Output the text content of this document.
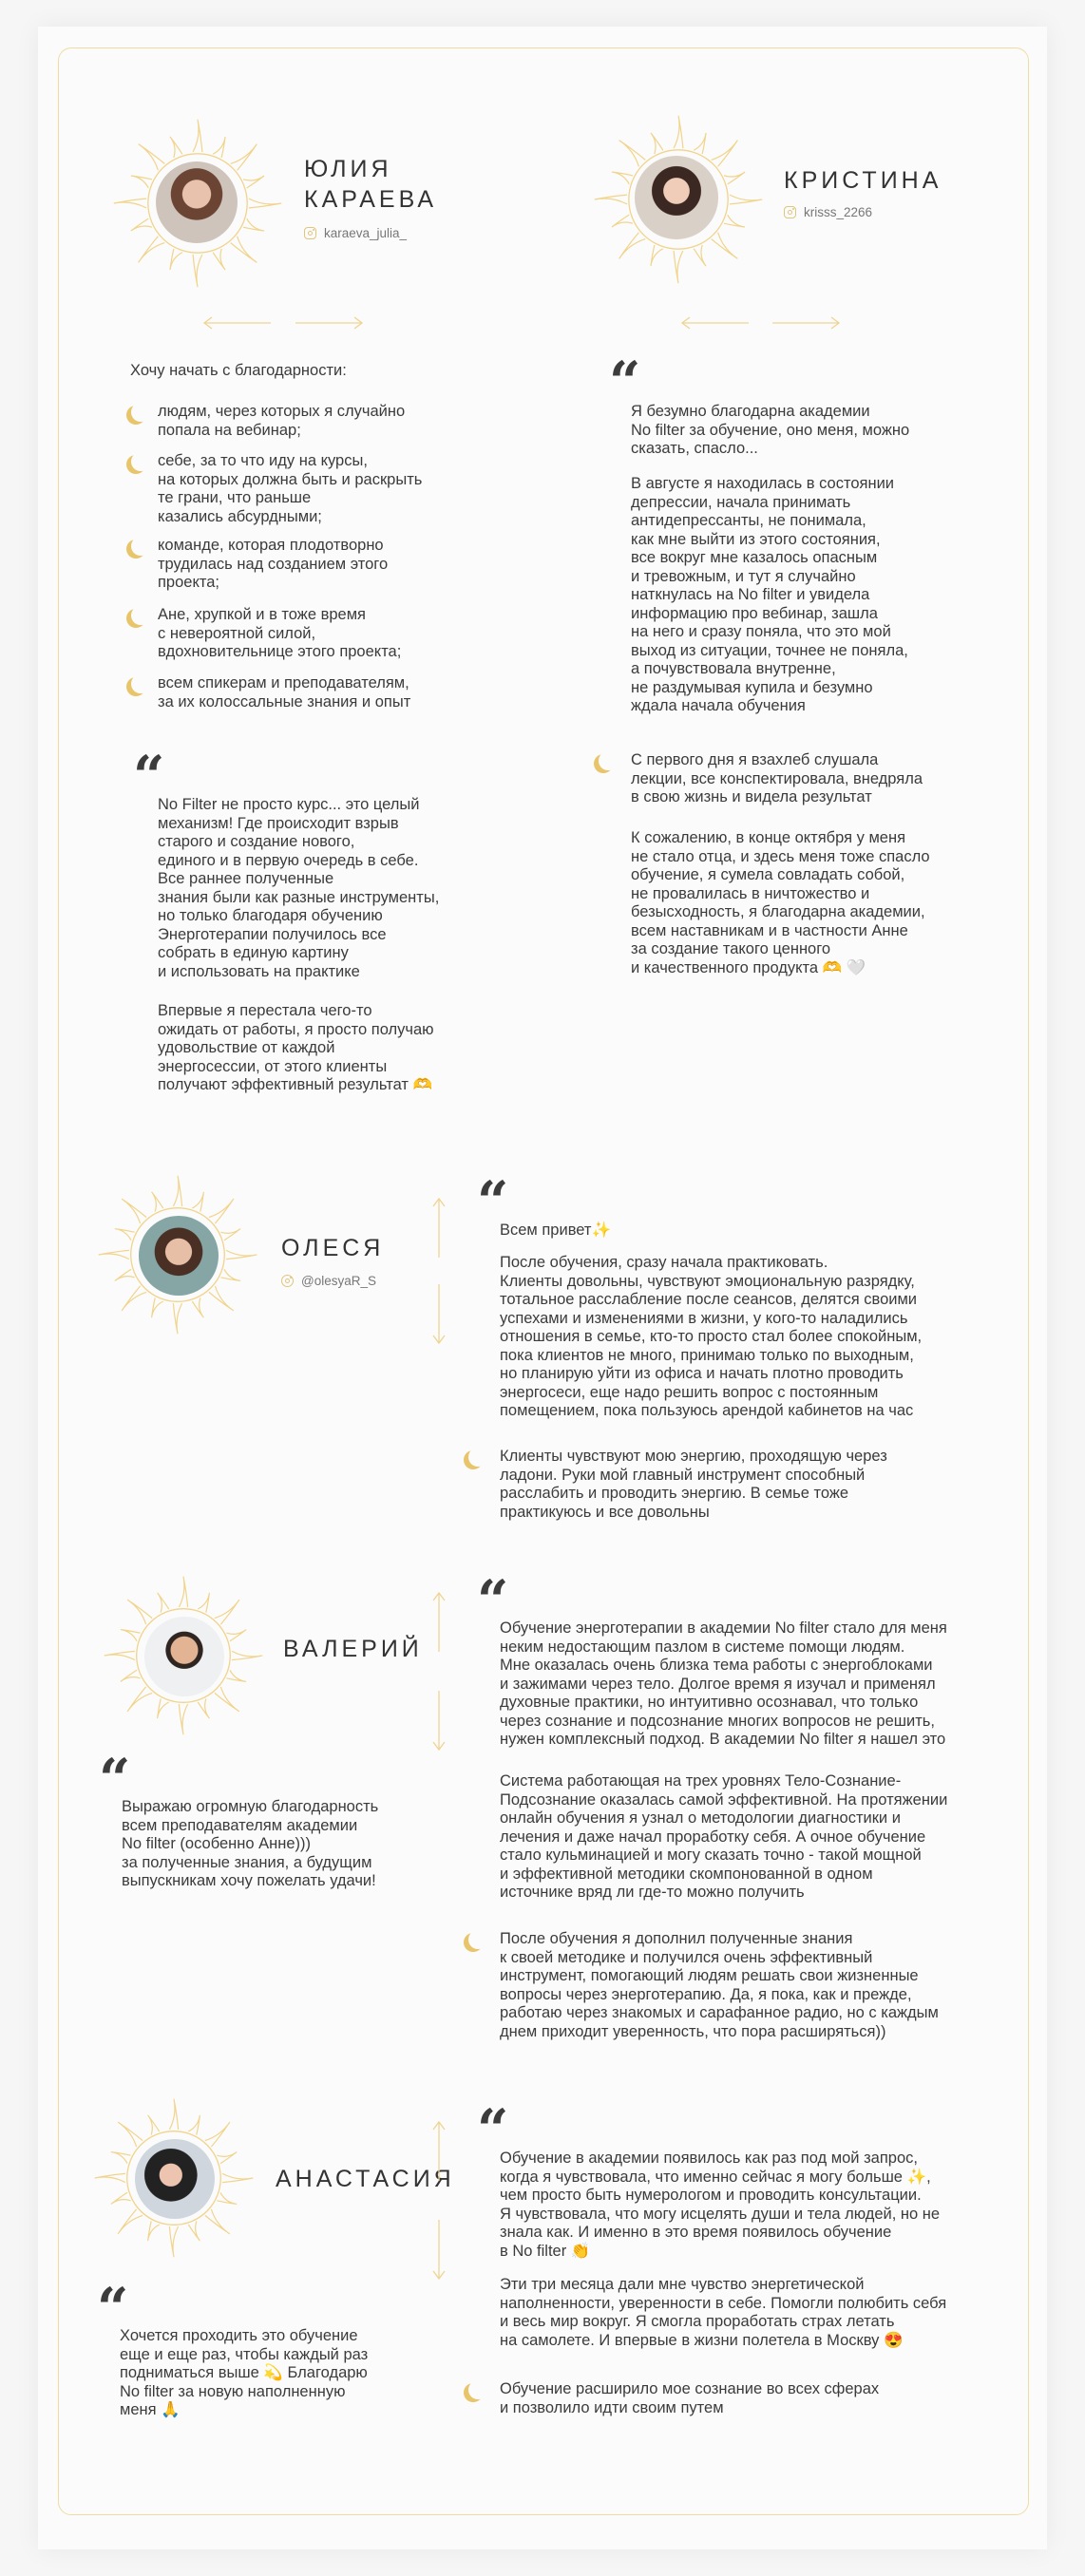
ЮЛИЯ
КАРАЕВА
karaeva_julia_
Хочу начать с благодарности:
людям, через которых я случайно
попала на вебинар;
себе, за то что иду на курсы,
на которых должна быть и раскрыть
те грани, что раньше
казались абсурдными;
команде, которая плодотворно
трудилась над созданием этого
проекта;
Ане, хрупкой и в тоже время
с невероятной силой,
вдохновительнице этого проекта;
всем спикерам и преподавателям,
за их колоссальные знания и опыт
“
No Filter не просто курс... это целый
механизм! Где происходит взрыв
старого и создание нового,
единого и в первую очередь в себе.
Все раннее полученные
знания были как разные инструменты,
но только благодаря обучению
Энерготерапии получилось все
собрать в единую картину
и использовать на практике
Впервые я перестала чего-то
ожидать от работы, я просто получаю
удовольствие от каждой
энергосессии, от этого клиенты
получают эффективный результат 🫶
КРИСТИНА
krisss_2266
“
Я безумно благодарна академии
No filter за обучение, оно меня, можно
сказать, спасло...
В августе я находилась в состоянии
депрессии, начала принимать
антидепрессанты, не понимала,
как мне выйти из этого состояния,
все вокруг мне казалось опасным
и тревожным, и тут я случайно
наткнулась на No filter и увидела
информацию про вебинар, зашла
на него и сразу поняла, что это мой
выход из ситуации, точнее не поняла,
а почувствовала внутренне,
не раздумывая купила и безумно
ждала начала обучения
С первого дня я взахлеб слушала
лекции, все конспектировала, внедряла
в свою жизнь и видела результат
К сожалению, в конце октября у меня
не стало отца, и здесь меня тоже спасло
обучение, я сумела совладать собой,
не провалилась в ничтожество и
безысходность, я благодарна академии,
всем наставникам и в частности Анне
за создание такого ценного
и качественного продукта 🫶 🤍
ОЛЕСЯ
@olesyaR_S
“
Всем привет✨
После обучения, сразу начала практиковать.
Клиенты довольны, чувствуют эмоциональную разрядку,
тотальное расслабление после сеансов, делятся своими
успехами и изменениями в жизни, у кого-то наладились
отношения в семье, кто-то просто стал более спокойным,
пока клиентов не много, принимаю только по выходным,
но планирую уйти из офиса и начать плотно проводить
энергосеси, еще надо решить вопрос с постоянным
помещением, пока пользуюсь арендой кабинетов на час
Клиенты чувствуют мою энергию, проходящую через
ладони. Руки мой главный инструмент способный
расслабить и проводить энергию. В семье тоже
практикуюсь и все довольны
ВАЛЕРИЙ
“
Обучение энерготерапии в академии No filter стало для меня
неким недостающим пазлом в системе помощи людям.
Мне оказалась очень близка тема работы с энергоблоками
и зажимами через тело. Долгое время я изучал и применял
духовные практики, но интуитивно осознавал, что только
через сознание и подсознание многих вопросов не решить,
нужен комплексный подход. В академии No filter я нашел это
Система работающая на трех уровнях Тело-Сознание-
Подсознание оказалась самой эффективной. На протяжении
онлайн обучения я узнал о методологии диагностики и
лечения и даже начал проработку себя. А очное обучение
стало кульминацией и могу сказать точно - такой мощной
и эффективной методики скомпонованной в одном
источнике вряд ли где-то можно получить
После обучения я дополнил полученные знания
к своей методике и получился очень эффективный
инструмент, помогающий людям решать свои жизненные
вопросы через энерготерапию. Да, я пока, как и прежде,
работаю через знакомых и сарафанное радио, но с каждым
днем приходит уверенность, что пора расширяться))
“
Выражаю огромную благодарность
всем преподавателям академии
No filter (особенно Анне)))
за полученные знания, а будущим
выпускникам хочу пожелать удачи!
АНАСТАСИЯ
“
Обучение в академии появилось как раз под мой запрос,
когда я чувствовала, что именно сейчас я могу больше ✨,
чем просто быть нумерологом и проводить консультации.
Я чувствовала, что могу исцелять души и тела людей, но не
знала как. И именно в это время появилось обучение
в No filter 👏
Эти три месяца дали мне чувство энергетической
наполненности, уверенности в себе. Помогли полюбить себя
и весь мир вокруг. Я смогла проработать страх летать
на самолете. И впервые в жизни полетела в Москву 😍
Обучение расширило мое сознание во всех сферах
и позволило идти своим путем
“
Хочется проходить это обучение
еще и еще раз, чтобы каждый раз
подниматься выше 💫 Благодарю
No filter за новую наполненную
меня 🙏
